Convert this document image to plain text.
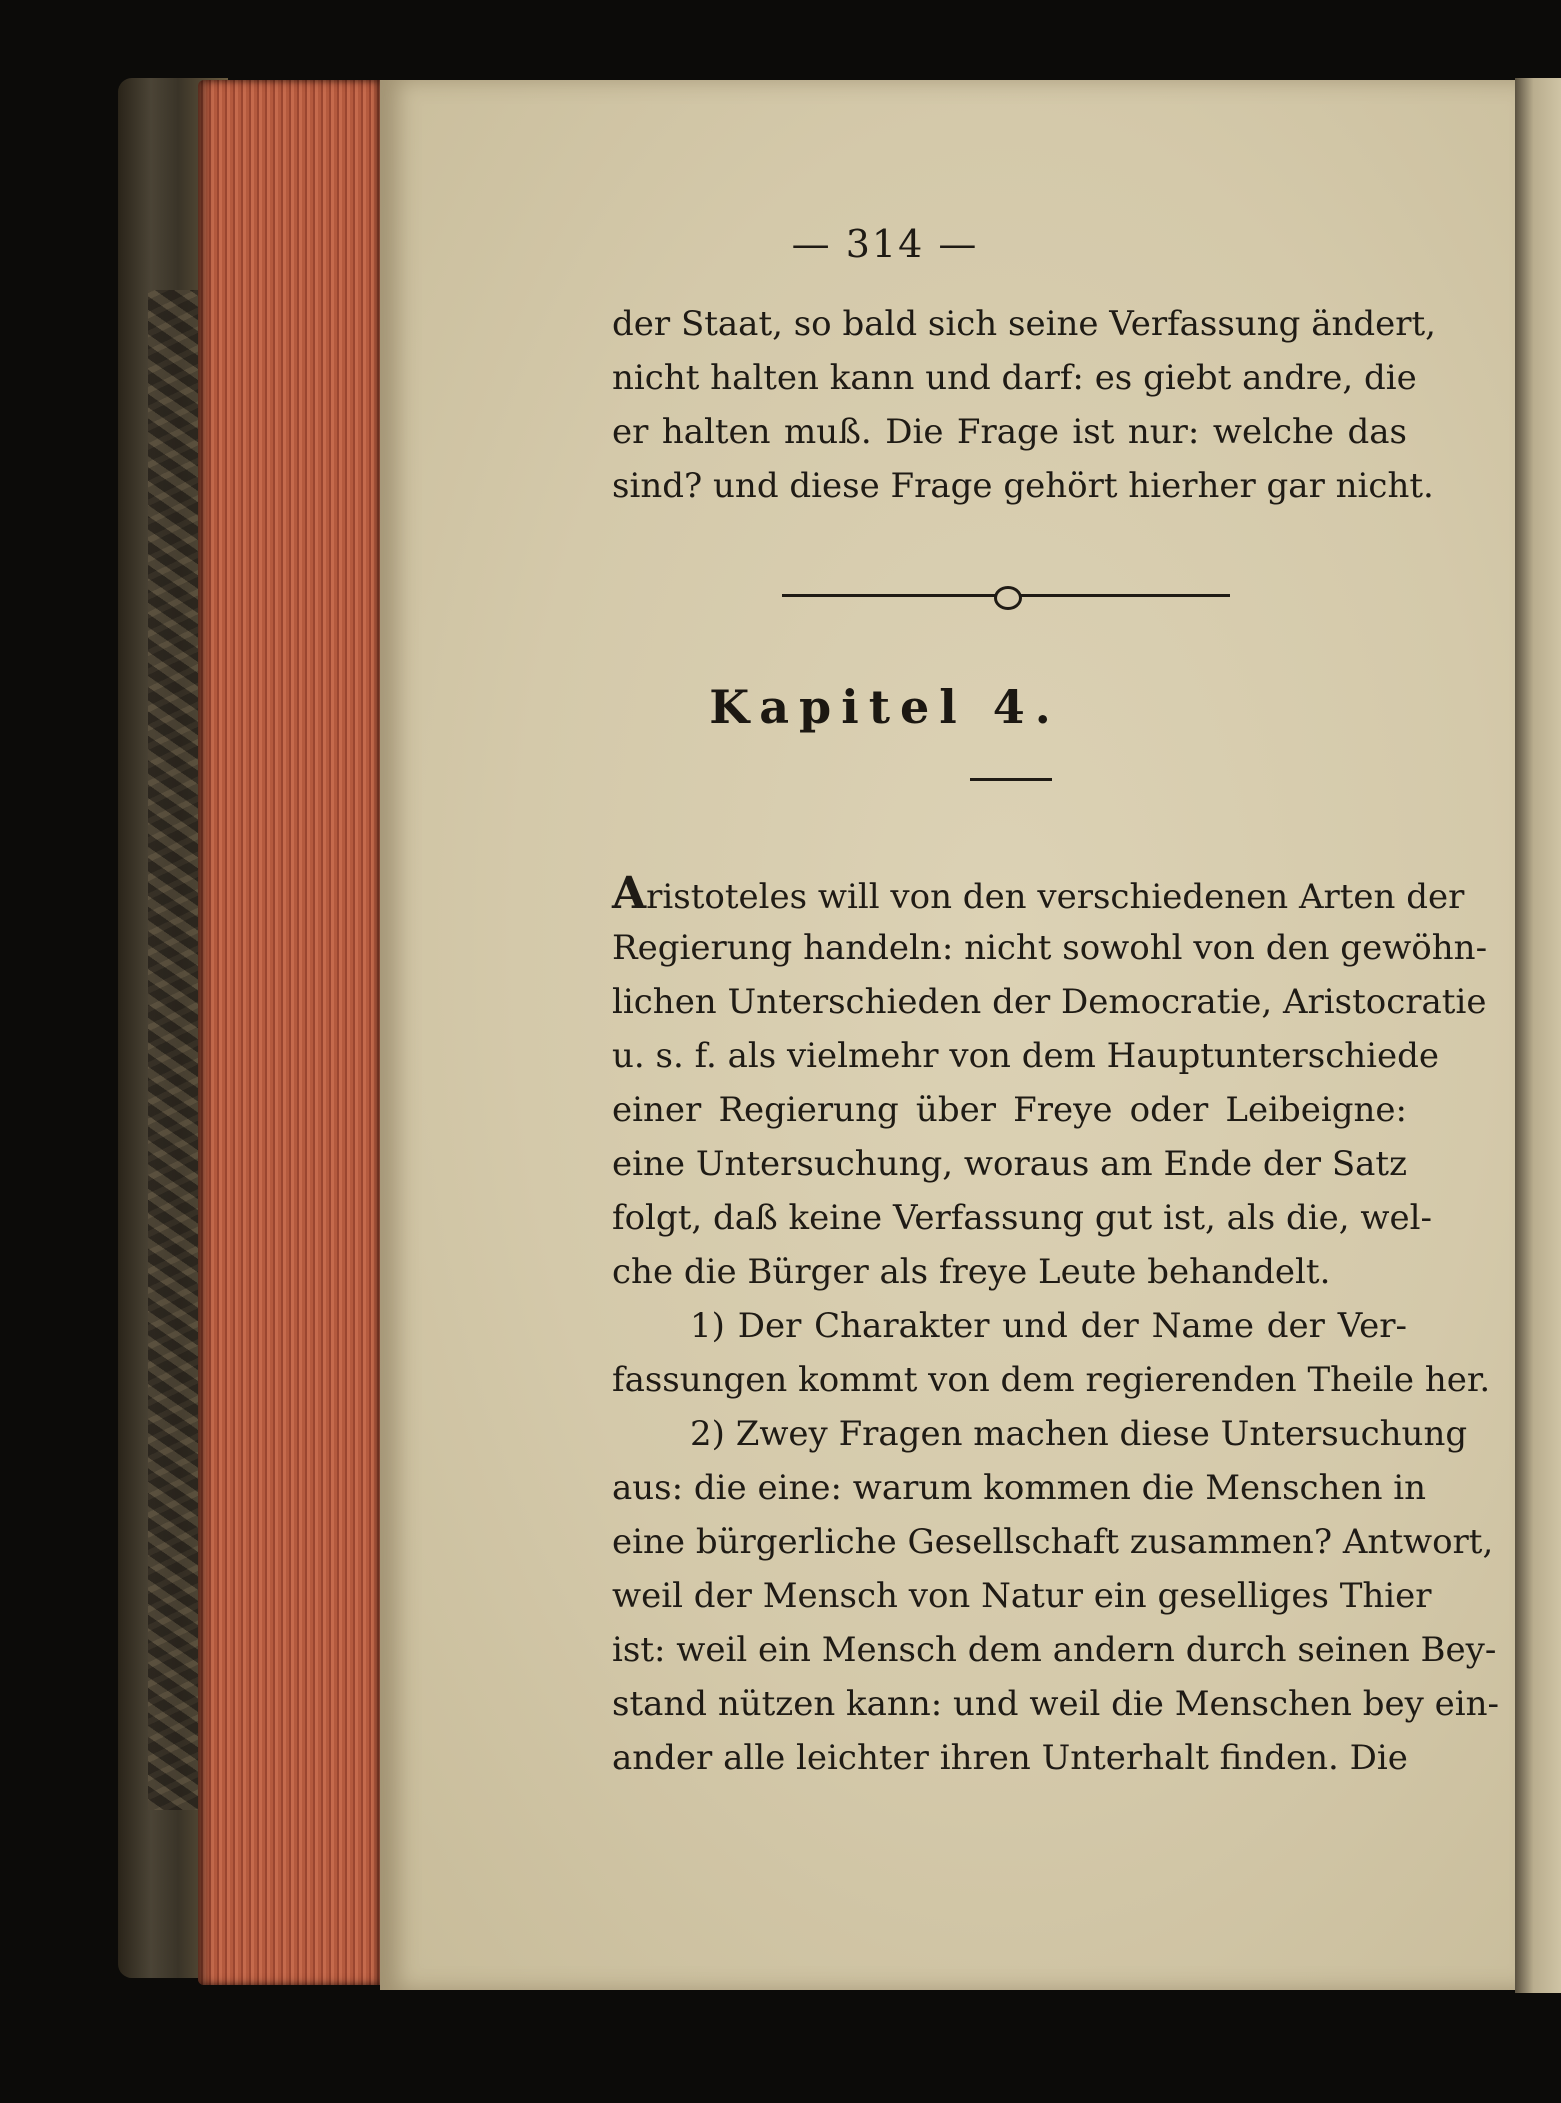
— 314 —

der Staat, so bald sich seine Verfassung ändert,

nicht halten kann und darf: es giebt andre, die

er halten muß. Die Frage ist nur: welche das

sind? und diese Frage gehört hierher gar nicht.

Kapitel 4.

Aristoteles will von den verschiedenen Arten der

Regierung handeln: nicht sowohl von den gewöhn-

lichen Unterschieden der Democratie, Aristocratie

u. s. f. als vielmehr von dem Hauptunterschiede

einer Regierung über Freye oder Leibeigne:

eine Untersuchung, woraus am Ende der Satz

folgt, daß keine Verfassung gut ist, als die, wel-

che die Bürger als freye Leute behandelt.

1) Der Charakter und der Name der Ver-

fassungen kommt von dem regierenden Theile her.

2) Zwey Fragen machen diese Untersuchung

aus: die eine: warum kommen die Menschen in

eine bürgerliche Gesellschaft zusammen? Antwort,

weil der Mensch von Natur ein geselliges Thier

ist: weil ein Mensch dem andern durch seinen Bey-

stand nützen kann: und weil die Menschen bey ein-

ander alle leichter ihren Unterhalt finden. Die
